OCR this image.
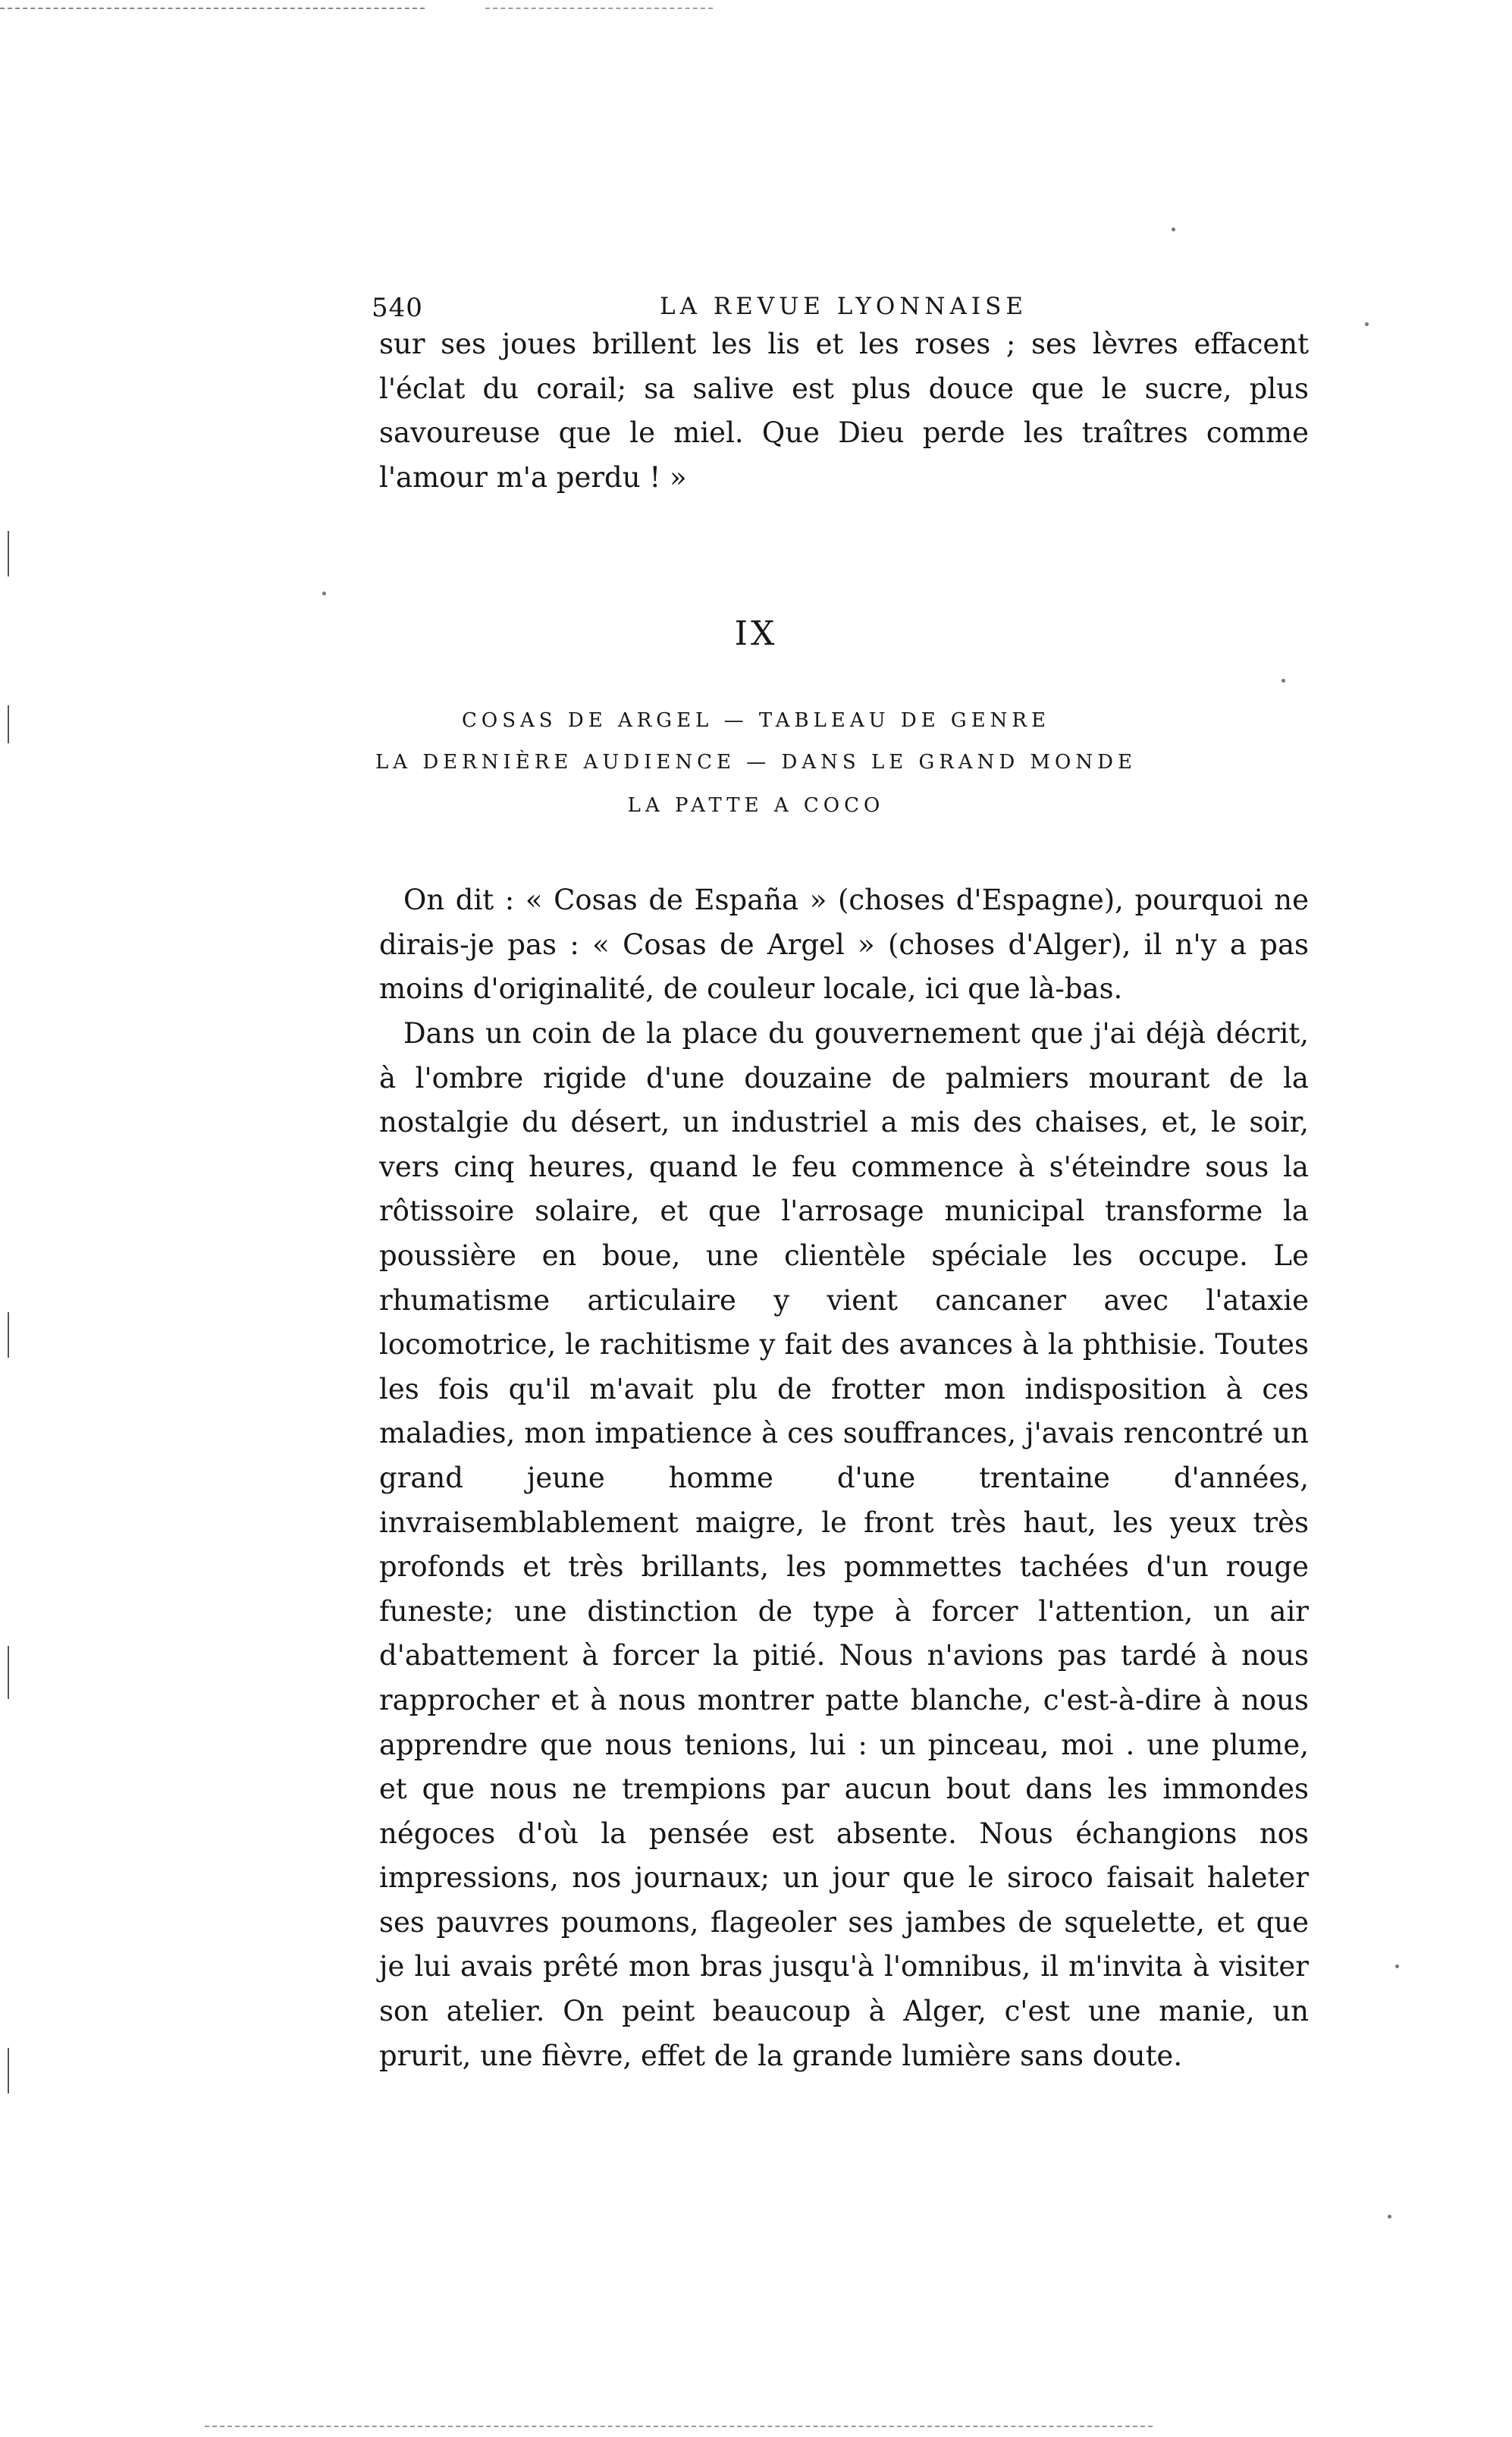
540	LA REVUE LYONNAISE

sur ses joues brillent les lis et les roses ; ses lèvres effacent l'éclat du corail; sa salive est plus douce que le sucre, plus savoureuse que le miel. Que Dieu perde les traîtres comme l'amour m'a perdu ! »

IX
COSAS DE ARGEL — TABLEAU DE GENRE
LA DERNIÈRE AUDIENCE — DANS LE GRAND MONDE
LA PATTE A COCO

On dit : « Cosas de España » (choses d'Espagne), pourquoi ne dirais-je pas : « Cosas de Argel » (choses d'Alger), il n'y a pas moins d'originalité, de couleur locale, ici que là-bas.

Dans un coin de la place du gouvernement que j'ai déjà décrit, à l'ombre rigide d'une douzaine de palmiers mourant de la nostalgie du désert, un industriel a mis des chaises, et, le soir, vers cinq heures, quand le feu commence à s'éteindre sous la rôtissoire solaire, et que l'arrosage municipal transforme la poussière en boue, une clientèle spéciale les occupe. Le rhumatisme articulaire y vient cancaner avec l'ataxie locomotrice, le rachitisme y fait des avances à la phthisie. Toutes les fois qu'il m'avait plu de frotter mon indisposition à ces maladies, mon impatience à ces souffrances, j'avais rencontré un grand jeune homme d'une trentaine d'années, invraisemblablement maigre, le front très haut, les yeux très profonds et très brillants, les pommettes tachées d'un rouge funeste; une distinction de type à forcer l'attention, un air d'abattement à forcer la pitié. Nous n'avions pas tardé à nous rapprocher et à nous montrer patte blanche, c'est-à-dire à nous apprendre que nous tenions, lui : un pinceau, moi . une plume, et que nous ne trempions par aucun bout dans les immondes négoces d'où la pensée est absente. Nous échangions nos impressions, nos journaux; un jour que le siroco faisait haleter ses pauvres poumons, flageoler ses jambes de squelette, et que je lui avais prêté mon bras jusqu'à l'omnibus, il m'invita à visiter son atelier. On peint beaucoup à Alger, c'est une manie, un prurit, une fièvre, effet de la grande lumière sans doute.
